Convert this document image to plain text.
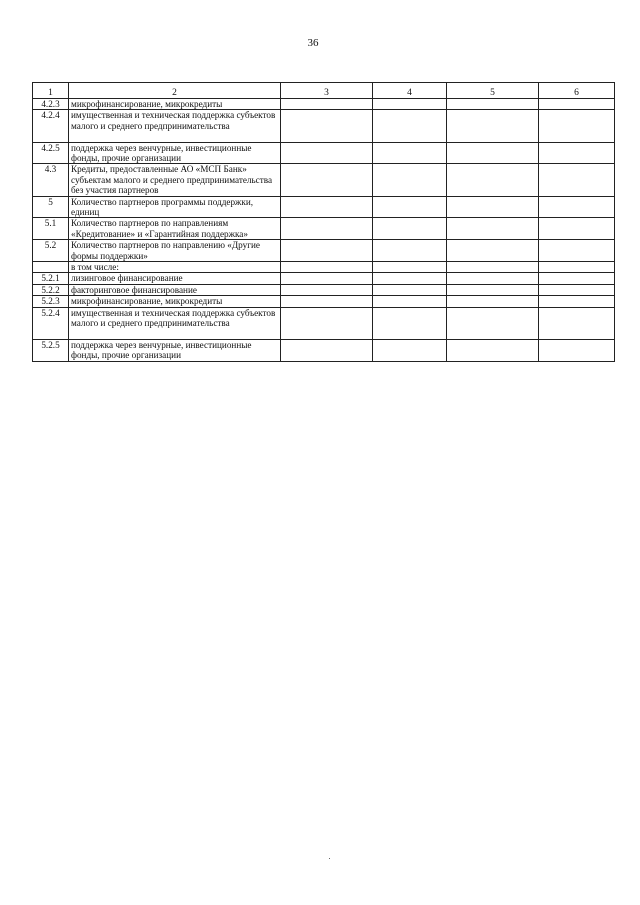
36
1	2	3	4	5	6
4.2.3	микрофинансирование, микрокредиты				
4.2.4	имущественная и техническая поддержка субъектов малого и среднего предпринимательства				
4.2.5	поддержка через венчурные, инвестиционные фонды, прочие организации				
4.3	Кредиты, предоставленные АО «МСП Банк» субъектам малого и среднего предпринимательства без участия партнеров				
5	Количество партнеров программы поддержки, единиц				
5.1	Количество партнеров по направлениям «Кредитование» и «Гарантийная поддержка»				
5.2	Количество партнеров по направлению «Другие формы поддержки»				
	в том числе:				
5.2.1	лизинговое финансирование				
5.2.2	факторинговое финансирование				
5.2.3	микрофинансирование, микрокредиты				
5.2.4	имущественная и техническая поддержка субъектов малого и среднего предпринимательства				
5.2.5	поддержка через венчурные, инвестиционные фонды, прочие организации				
